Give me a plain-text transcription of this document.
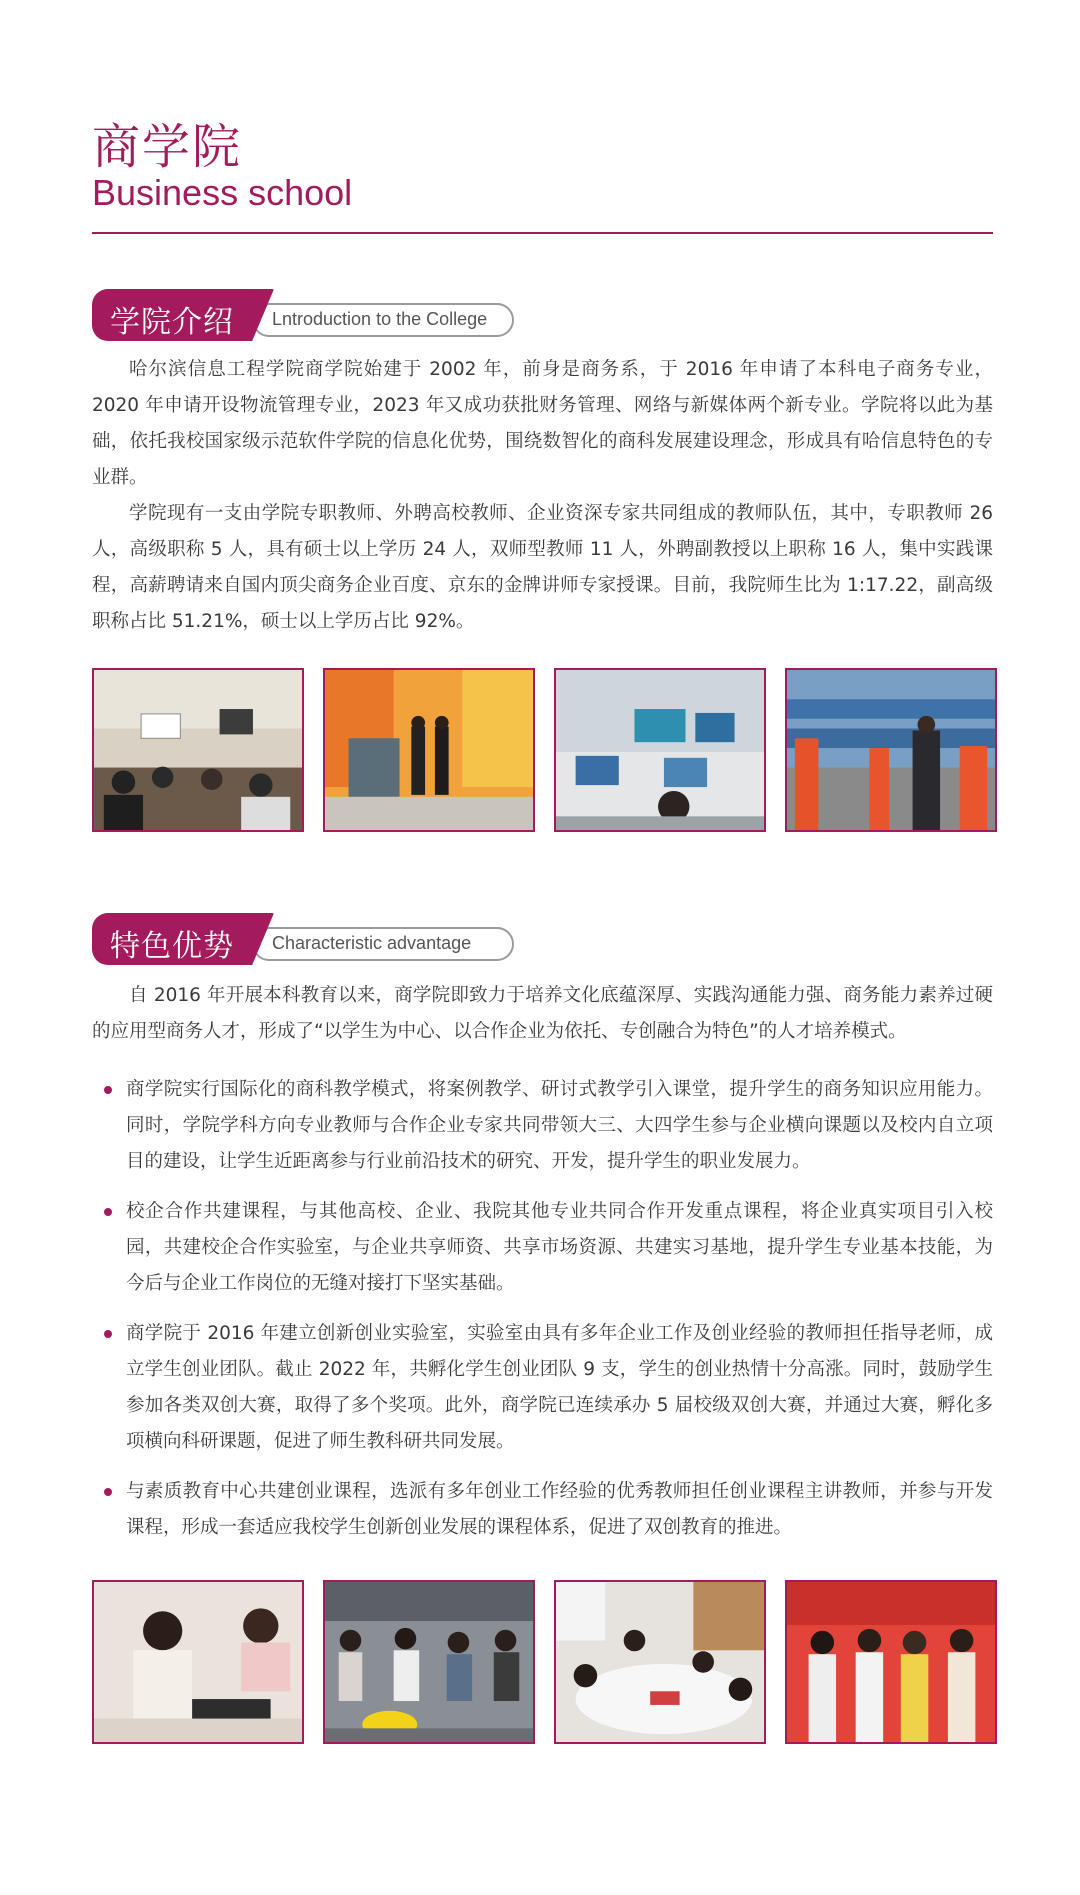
商学院
Business school
学院介绍 Lntroduction to the College

哈尔滨信息工程学院商学院始建于 2002 年，前身是商务系，于 2016 年申请了本科电子商务专业，2020 年申请开设物流管理专业，2023 年又成功获批财务管理、网络与新媒体两个新专业。学院将以此为基础，依托我校国家级示范软件学院的信息化优势，围绕数智化的商科发展建设理念，形成具有哈信息特色的专业群。

学院现有一支由学院专职教师、外聘高校教师、企业资深专家共同组成的教师队伍，其中，专职教师 26 人，高级职称 5 人，具有硕士以上学历 24 人，双师型教师 11 人，外聘副教授以上职称 16 人，集中实践课程，高薪聘请来自国内顶尖商务企业百度、京东的金牌讲师专家授课。目前，我院师生比为 1:17.22，副高级职称占比 51.21%，硕士以上学历占比 92%。

特色优势 Characteristic advantage

自 2016 年开展本科教育以来，商学院即致力于培养文化底蕴深厚、实践沟通能力强、商务能力素养过硬的应用型商务人才，形成了“以学生为中心、以合作企业为依托、专创融合为特色”的人才培养模式。

商学院实行国际化的商科教学模式，将案例教学、研讨式教学引入课堂，提升学生的商务知识应用能力。同时，学院学科方向专业教师与合作企业专家共同带领大三、大四学生参与企业横向课题以及校内自立项目的建设，让学生近距离参与行业前沿技术的研究、开发，提升学生的职业发展力。
校企合作共建课程，与其他高校、企业、我院其他专业共同合作开发重点课程，将企业真实项目引入校园，共建校企合作实验室，与企业共享师资、共享市场资源、共建实习基地，提升学生专业基本技能，为今后与企业工作岗位的无缝对接打下坚实基础。
商学院于 2016 年建立创新创业实验室，实验室由具有多年企业工作及创业经验的教师担任指导老师，成立学生创业团队。截止 2022 年，共孵化学生创业团队 9 支，学生的创业热情十分高涨。同时，鼓励学生参加各类双创大赛，取得了多个奖项。此外，商学院已连续承办 5 届校级双创大赛，并通过大赛，孵化多项横向科研课题，促进了师生教科研共同发展。
与素质教育中心共建创业课程，选派有多年创业工作经验的优秀教师担任创业课程主讲教师，并参与开发课程，形成一套适应我校学生创新创业发展的课程体系，促进了双创教育的推进。
